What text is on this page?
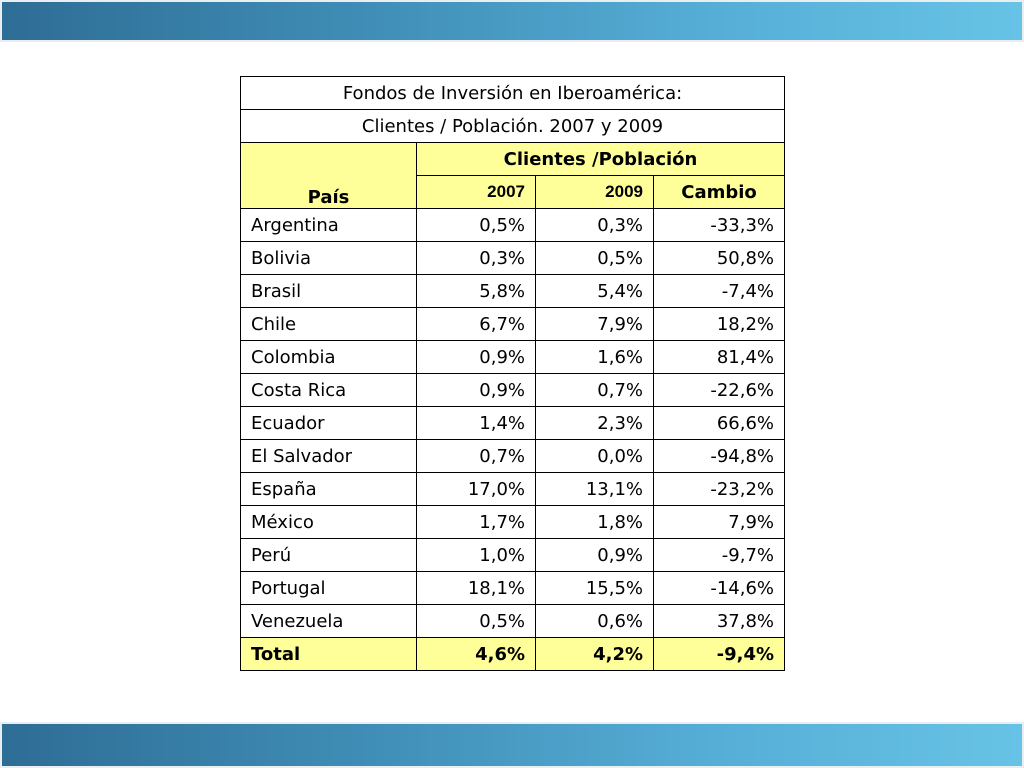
Fondos de Inversión en Iberoamérica:			
Clientes / Población. 2007 y 2009			
País	Clientes /Población		
	2007	2009	Cambio
Argentina	0,5%	0,3%	-33,3%
Bolivia	0,3%	0,5%	50,8%
Brasil	5,8%	5,4%	-7,4%
Chile	6,7%	7,9%	18,2%
Colombia	0,9%	1,6%	81,4%
Costa Rica	0,9%	0,7%	-22,6%
Ecuador	1,4%	2,3%	66,6%
El Salvador	0,7%	0,0%	-94,8%
España	17,0%	13,1%	-23,2%
México	1,7%	1,8%	7,9%
Perú	1,0%	0,9%	-9,7%
Portugal	18,1%	15,5%	-14,6%
Venezuela	0,5%	0,6%	37,8%
Total	4,6%	4,2%	-9,4%
